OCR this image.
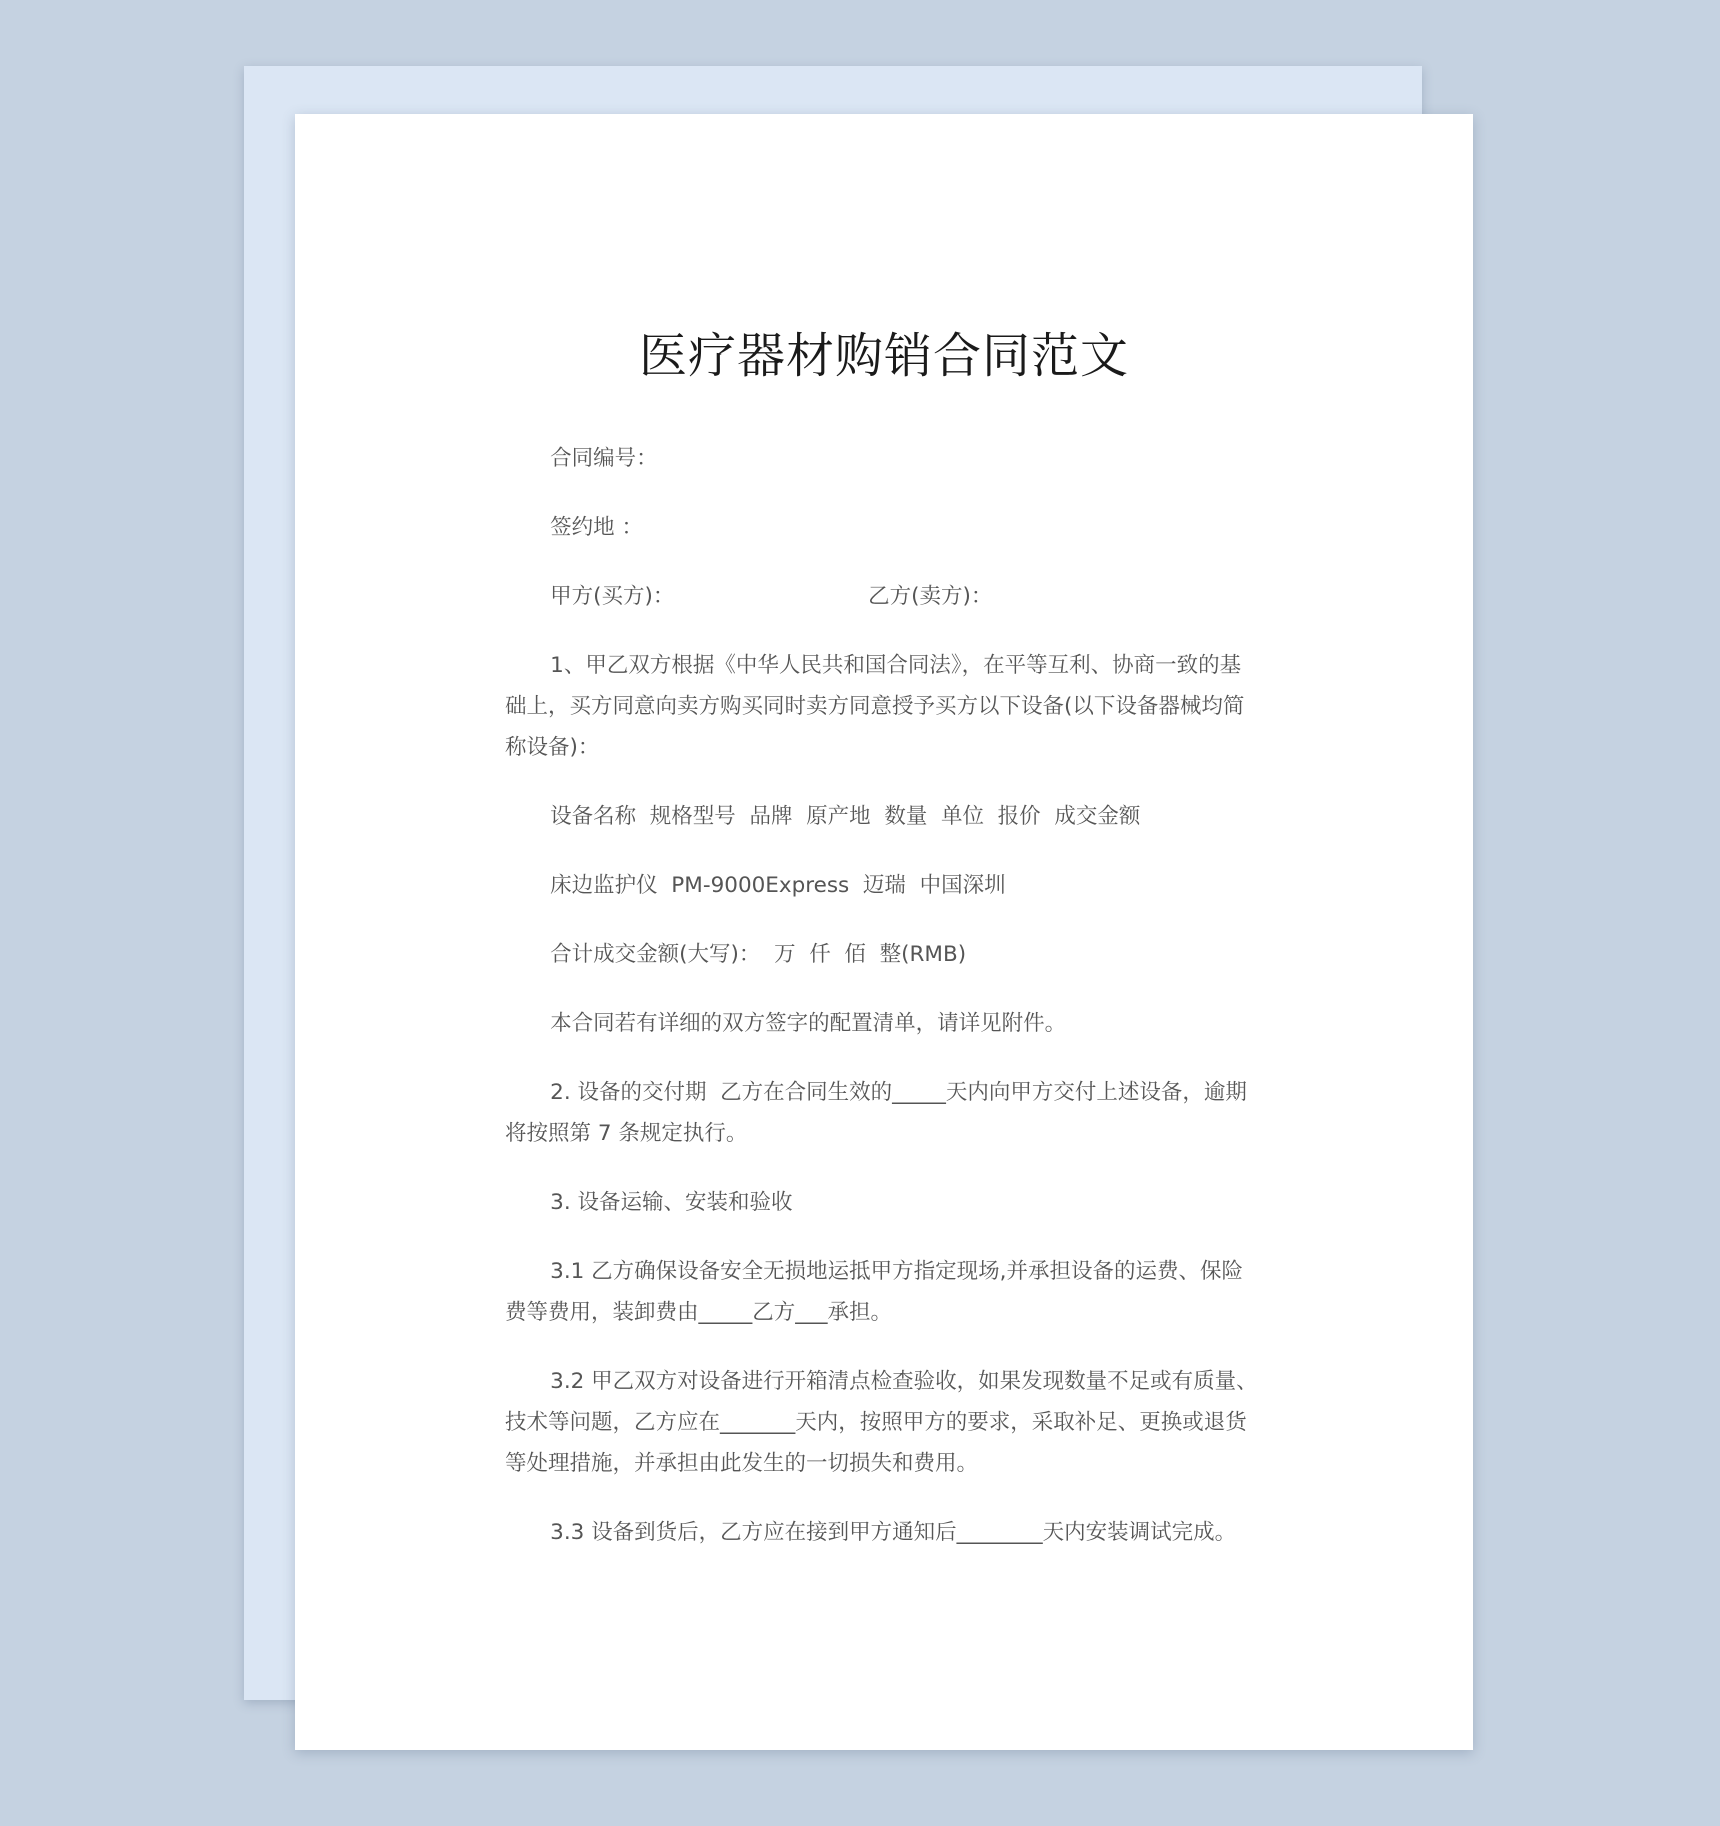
医疗器材购销合同范文

合同编号：

签约地 ：

甲方(买方)：	乙方(卖方)：

1、甲乙双方根据《中华人民共和国合同法》，在平等互利、协商一致的基础上，买方同意向卖方购买同时卖方同意授予买方以下设备(以下设备器械均简称设备)：

设备名称  规格型号  品牌  原产地  数量  单位  报价  成交金额

床边监护仪  PM-9000Express  迈瑞  中国深圳

合计成交金额(大写)：  万  仟  佰  整(RMB)

本合同若有详细的双方签字的配置清单，请详见附件。

2. 设备的交付期  乙方在合同生效的_____天内向甲方交付上述设备，逾期将按照第 7 条规定执行。

3. 设备运输、安装和验收

3.1 乙方确保设备安全无损地运抵甲方指定现场,并承担设备的运费、保险费等费用，装卸费由_____乙方___承担。

3.2 甲乙双方对设备进行开箱清点检查验收，如果发现数量不足或有质量、技术等问题，乙方应在_______天内，按照甲方的要求，采取补足、更换或退货等处理措施，并承担由此发生的一切损失和费用。

3.3 设备到货后，乙方应在接到甲方通知后________天内安装调试完成。
